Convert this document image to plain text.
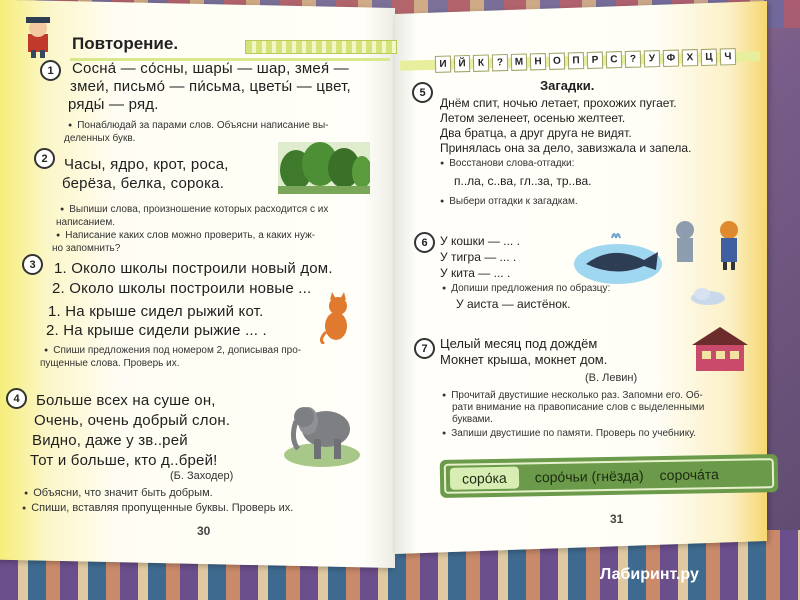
Повторение.
1	Сосна́ — со́сны, шары́ — шар, змея́ —
змеи́, письмо́ — пи́сьма, цветы́ — цвет,
ряды́ — ряд.
● Понаблюдай за парами слов. Объясни написание вы-
деленных букв.
2	Часы, ядро, крот, роса,
берёза, белка, сорока.
● Выпиши слова, произношение которых расходится с их
написанием.
● Написание каких слов можно проверить, а каких нуж-
но запомнить?
3	1. Около школы построили новый дом.
2. Около школы построили новые ...
1. На крыше сидел рыжий кот.
2. На крыше сидели рыжие ... .
● Спиши предложения под номером 2, дописывая про-
пущенные слова. Проверь их.
4	Больше всех на суше он,
Очень, очень добрый слон.
Видно, даже у зв..рей
Тот и больше, кто д..брей!
(Б. Заходер)
● Объясни, что значит быть добрым.
● Спиши, вставляя пропущенные буквы. Проверь их.
30
И	Й	К	?	М	Н	О	П	Р	С	?	У	Ф	Х	Ц	Ч
5	Загадки.
Днём спит, ночью летает, прохожих пугает.
Летом зеленеет, осенью желтеет.
Два братца, а друг друга не видят.
Принялась она за дело, завизжала и запела.
● Восстанови слова-отгадки:
п..ла, с..ва, гл..за, тр..ва.
● Выбери отгадки к загадкам.
6	У кошки — ... .
У тигра — ... .
У кита — ... .
● Допиши предложения по образцу:
У аиста — аистёнок.
7 Целый месяц под дождём
Мокнет крыша, мокнет дом.
(В. Левин)
● Прочитай двустишие несколько раз. Запомни его. Об-
рати внимание на правописание слов с выделенными
буквами.
● Запиши двустишие по памяти. Проверь по учебнику.
соро́ка	соро́чьи (гнёзда) сорочáта
31
Лабиринт.ру
